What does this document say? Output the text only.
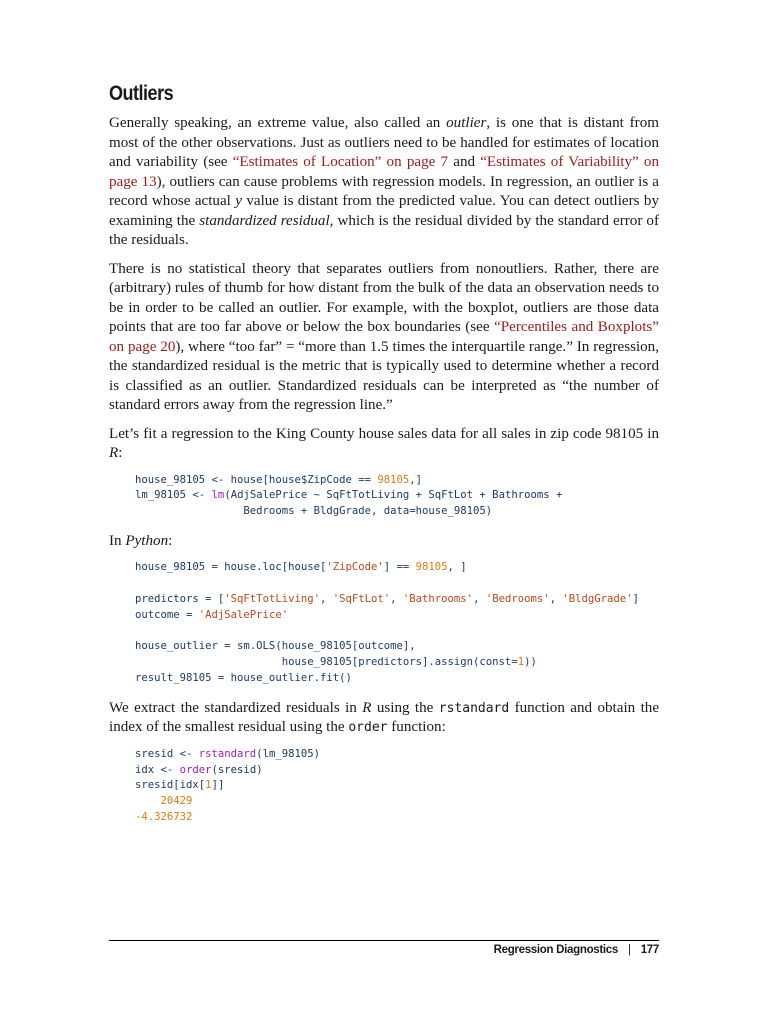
Outliers

Generally speaking, an extreme value, also called an outlier, is one that is distant from most of the other observations. Just as outliers need to be handled for estimates of location and variability (see “Estimates of Location” on page 7 and “Estimates of Variability” on page 13), outliers can cause problems with regression models. In regression, an outlier is a record whose actual y value is distant from the predicted value. You can detect outliers by examining the standardized residual, which is the residual divided by the standard error of the residuals.

There is no statistical theory that separates outliers from nonoutliers. Rather, there are (arbitrary) rules of thumb for how distant from the bulk of the data an observation needs to be in order to be called an outlier. For example, with the boxplot, outliers are those data points that are too far above or below the box boundaries (see “Percentiles and Boxplots” on page 20), where “too far” = “more than 1.5 times the interquartile range.” In regression, the standardized residual is the metric that is typically used to determine whether a record is classified as an outlier. Standardized residuals can be interpreted as “the number of standard errors away from the regression line.”

Let’s fit a regression to the King County house sales data for all sales in zip code 98105 in R:

house_98105 <- house[house$ZipCode == 98105,]
lm_98105 <- lm(AdjSalePrice ~ SqFtTotLiving + SqFtLot + Bathrooms +
Bedrooms + BldgGrade, data=house_98105)

In Python:

house_98105 = house.loc[house['ZipCode'] == 98105, ]

predictors = ['SqFtTotLiving', 'SqFtLot', 'Bathrooms', 'Bedrooms', 'BldgGrade']
outcome = 'AdjSalePrice'

house_outlier = sm.OLS(house_98105[outcome],
house_98105[predictors].assign(const=1))
result_98105 = house_outlier.fit()

We extract the standardized residuals in R using the rstandard function and obtain the index of the smallest residual using the order function:

sresid <- rstandard(lm_98105)
idx <- order(sresid)
sresid[idx[1]]
20429
-4.326732
Regression Diagnostics | 177
